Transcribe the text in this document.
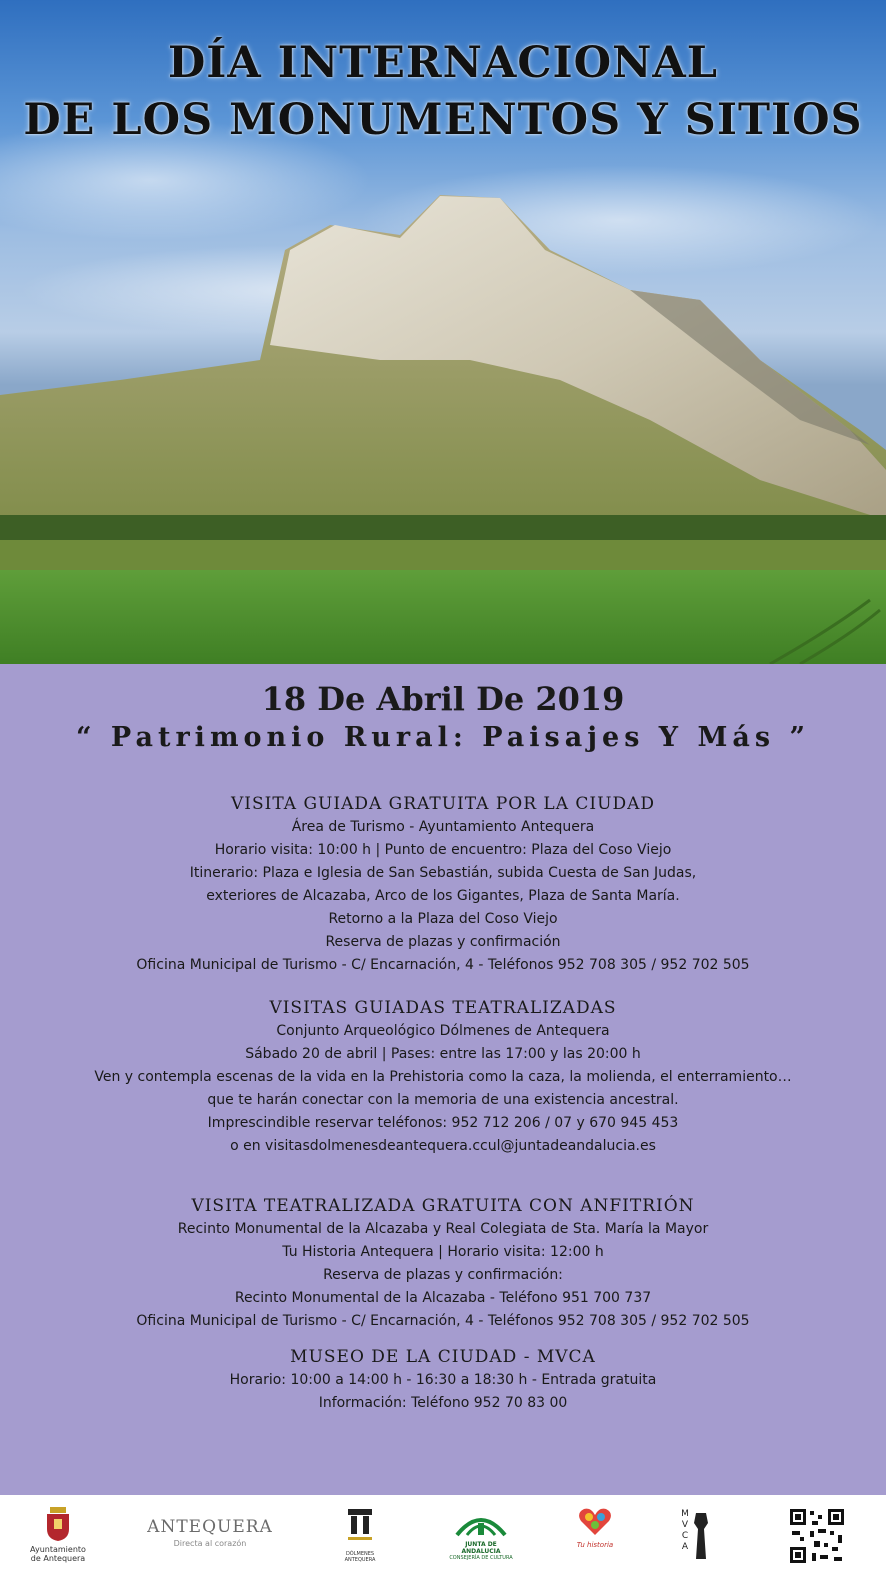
DÍA INTERNACIONAL
DE LOS MONUMENTOS Y SITIOS
18 De Abril De 2019
“ Patrimonio Rural: Paisajes Y Más ”
VISITA GUIADA GRATUITA POR LA CIUDAD

Área de Turismo - Ayuntamiento Antequera

Horario visita: 10:00 h | Punto de encuentro: Plaza del Coso Viejo

Itinerario: Plaza e Iglesia de San Sebastián, subida Cuesta de San Judas,

exteriores de Alcazaba, Arco de los Gigantes, Plaza de Santa María.

Retorno a la Plaza del Coso Viejo

Reserva de plazas y confirmación

Oficina Municipal de Turismo - C/ Encarnación, 4 - Teléfonos 952 708 305 / 952 702 505

VISITAS GUIADAS TEATRALIZADAS

Conjunto Arqueológico Dólmenes de Antequera

Sábado 20 de abril | Pases: entre las 17:00 y las 20:00 h

Ven y contempla escenas de la vida en la Prehistoria como la caza, la molienda, el enterramiento…

que te harán conectar con la memoria de una existencia ancestral.

Imprescindible reservar teléfonos: 952 712 206 / 07 y 670 945 453

o en visitasdolmenesdeantequera.ccul@juntadeandalucia.es

VISITA TEATRALIZADA GRATUITA CON ANFITRIÓN

Recinto Monumental de la Alcazaba y Real Colegiata de Sta. María la Mayor

Tu Historia Antequera | Horario visita: 12:00 h

Reserva de plazas y confirmación:

Recinto Monumental de la Alcazaba - Teléfono 951 700 737

Oficina Municipal de Turismo - C/ Encarnación, 4 - Teléfonos 952 708 305 / 952 702 505

MUSEO DE LA CIUDAD - MVCA

Horario: 10:00 a 14:00 h - 16:30 a 18:30 h - Entrada gratuita

Información: Teléfono 952 70 83 00

Ayuntamiento
de Antequera
ANTEQUERA
Directa al corazón
DÓLMENES ANTEQUERA
JUNTA DE ANDALUCIA
CONSEJERÍA DE CULTURA
Tu historia
MVCA
